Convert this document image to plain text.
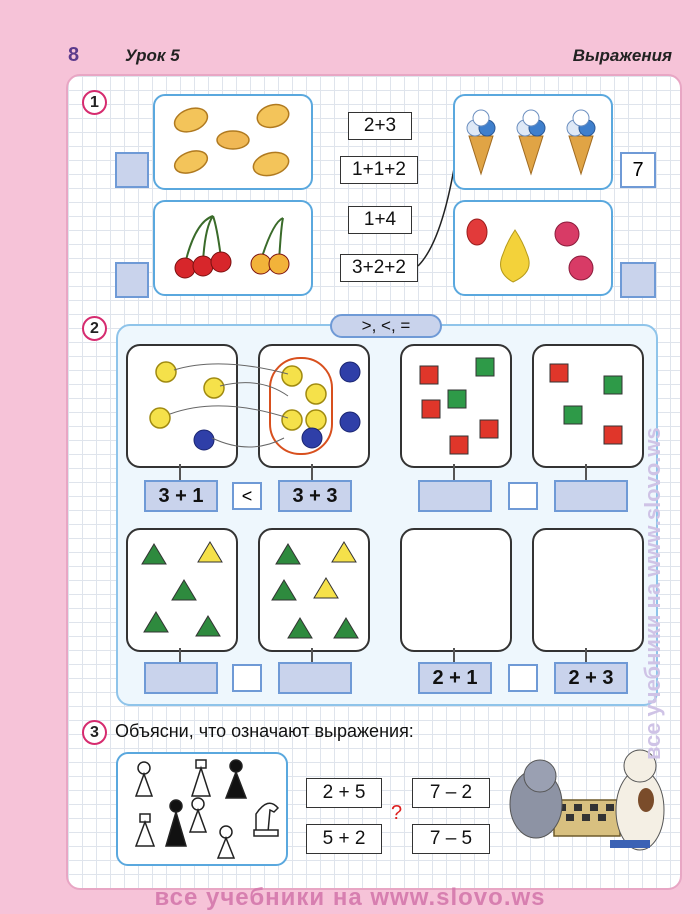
8	Урок 5	Выражения
1
2+3
1+1+2
1+4
3+2+2
7
2	>, <, =
3 + 1	<	3 + 3
2 + 1	2 + 3
3 Объясни, что означают выражения:
2 + 5	7 – 2
5 + 2	7 – 5
?
все учебники на www.slovo.ws
все учебники на www.slovo.ws
